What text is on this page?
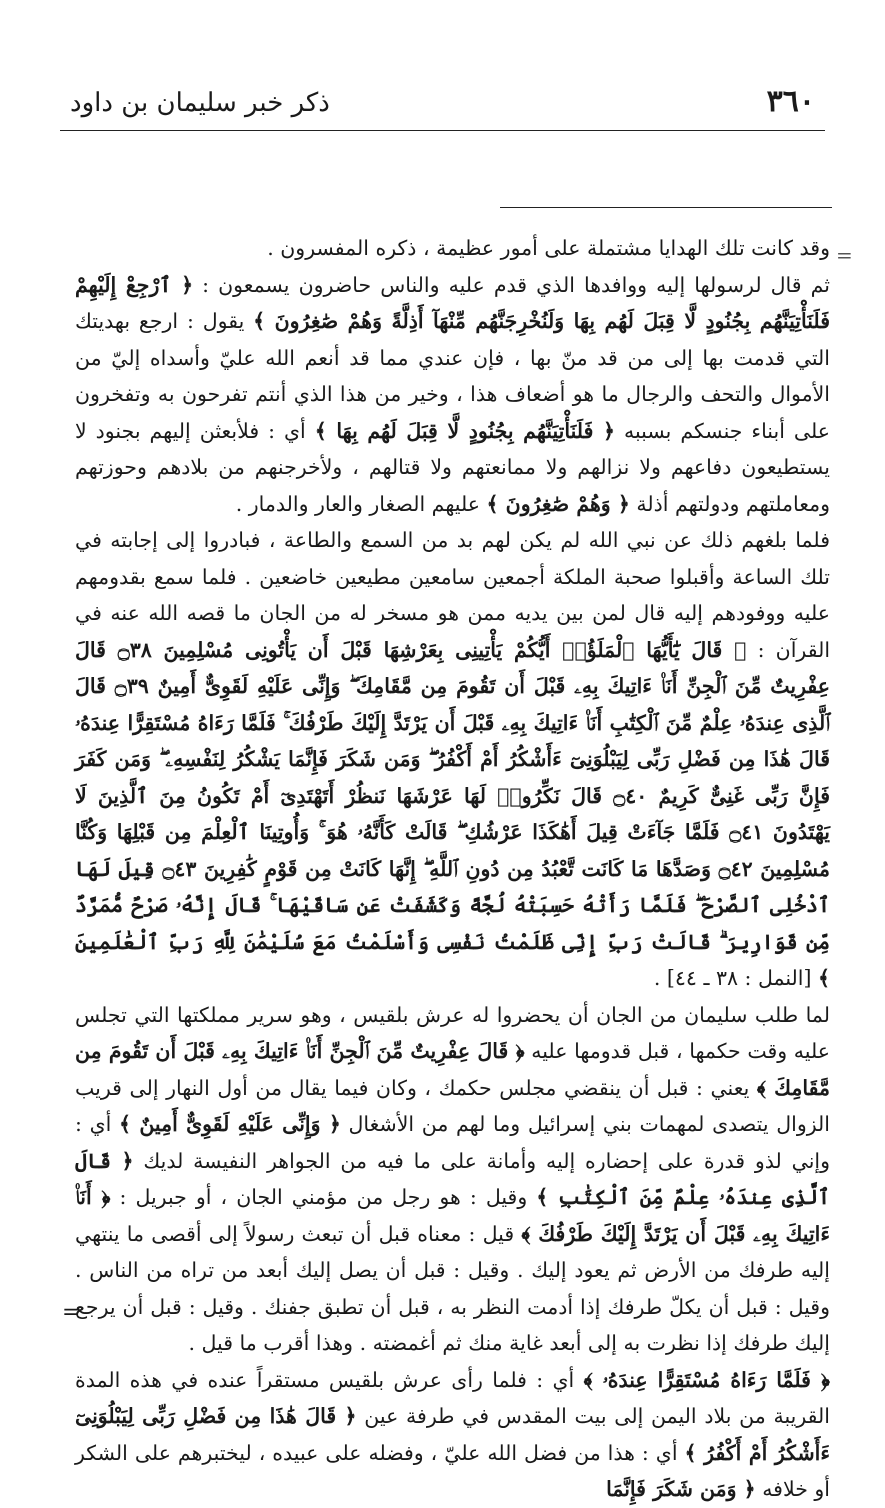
٣٦٠
ذكر خبر سليمان بن داود
=

وقد كانت تلك الهدايا مشتملة على أمور عظيمة ، ذكره المفسرون .

ثم قال لرسولها إليه ووافدها الذي قدم عليه والناس حاضرون يسمعون : ﴿ ٱرْجِعْ إِلَيْهِمْ فَلَنَأْتِيَنَّهُم بِجُنُودٍ لَّا قِبَلَ لَهُم بِهَا وَلَنُخْرِجَنَّهُم مِّنْهَآ أَذِلَّةً وَهُمْ صَٰغِرُونَ ﴾ يقول : ارجع بهديتك التي قدمت بها إلى من قد منّ بها ، فإن عندي مما قد أنعم الله عليّ وأسداه إليّ من الأموال والتحف والرجال ما هو أضعاف هذا ، وخير من هذا الذي أنتم تفرحون به وتفخرون على أبناء جنسكم بسببه ﴿ فَلَنَأْتِيَنَّهُم بِجُنُودٍ لَّا قِبَلَ لَهُم بِهَا ﴾ أي : فلأبعثن إليهم بجنود لا يستطيعون دفاعهم ولا نزالهم ولا ممانعتهم ولا قتالهم ، ولأخرجنهم من بلادهم وحوزتهم ومعاملتهم ودولتهم أذلة ﴿ وَهُمْ صَٰغِرُونَ ﴾ عليهم الصغار والعار والدمار .

فلما بلغهم ذلك عن نبي الله لم يكن لهم بد من السمع والطاعة ، فبادروا إلى إجابته في تلك الساعة وأقبلوا صحبة الملكة أجمعين سامعين مطيعين خاضعين . فلما سمع بقدومهم عليه ووفودهم إليه قال لمن بين يديه ممن هو مسخر له من الجان ما قصه الله عنه في القرآن : ﴿ قَالَ يَٰٓأَيُّهَا ٱلْمَلَؤُا۟ أَيُّكُمْ يَأْتِينِى بِعَرْشِهَا قَبْلَ أَن يَأْتُونِى مُسْلِمِينَ ۝٣٨ قَالَ عِفْرِيتٌ مِّنَ ٱلْجِنِّ أَنَا۠ ءَاتِيكَ بِهِۦ قَبْلَ أَن تَقُومَ مِن مَّقَامِكَ ۖ وَإِنِّى عَلَيْهِ لَقَوِىٌّ أَمِينٌ ۝٣٩ قَالَ ٱلَّذِى عِندَهُۥ عِلْمٌ مِّنَ ٱلْكِتَٰبِ أَنَا۠ ءَاتِيكَ بِهِۦ قَبْلَ أَن يَرْتَدَّ إِلَيْكَ طَرْفُكَ ۚ فَلَمَّا رَءَاهُ مُسْتَقِرًّا عِندَهُۥ قَالَ هَٰذَا مِن فَضْلِ رَبِّى لِيَبْلُوَنِىٓ ءَأَشْكُرُ أَمْ أَكْفُرُ ۖ وَمَن شَكَرَ فَإِنَّمَا يَشْكُرُ لِنَفْسِهِۦ ۖ وَمَن كَفَرَ فَإِنَّ رَبِّى غَنِىٌّ كَرِيمٌ ۝٤٠ قَالَ نَكِّرُوا۟ لَهَا عَرْشَهَا نَنظُرْ أَتَهْتَدِىٓ أَمْ تَكُونُ مِنَ ٱلَّذِينَ لَا يَهْتَدُونَ ۝٤١ فَلَمَّا جَآءَتْ قِيلَ أَهَٰكَذَا عَرْشُكِ ۖ قَالَتْ كَأَنَّهُۥ هُوَ ۚ وَأُوتِينَا ٱلْعِلْمَ مِن قَبْلِهَا وَكُنَّا مُسْلِمِينَ ۝٤٢ وَصَدَّهَا مَا كَانَت تَّعْبُدُ مِن دُونِ ٱللَّهِ ۖ إِنَّهَا كَانَتْ مِن قَوْمٍ كَٰفِرِينَ ۝٤٣ قِيلَ لَهَا ٱدْخُلِى ٱلصَّرْحَ ۖ فَلَمَّا رَأَتْهُ حَسِبَتْهُ لُجَّةً وَكَشَفَتْ عَن سَاقَيْهَا ۚ قَالَ إِنَّهُۥ صَرْحٌ مُّمَرَّدٌ مِّن قَوَارِيرَ ۗ قَالَتْ رَبِّ إِنِّى ظَلَمْتُ نَفْسِى وَأَسْلَمْتُ مَعَ سُلَيْمَٰنَ لِلَّهِ رَبِّ ٱلْعَٰلَمِينَ ﴾ [النمل : ٣٨ ـ ٤٤] .

لما طلب سليمان من الجان أن يحضروا له عرش بلقيس ، وهو سرير مملكتها التي تجلس عليه وقت حكمها ، قبل قدومها عليه ﴿ قَالَ عِفْرِيتٌ مِّنَ ٱلْجِنِّ أَنَا۠ ءَاتِيكَ بِهِۦ قَبْلَ أَن تَقُومَ مِن مَّقَامِكَ ﴾ يعني : قبل أن ينقضي مجلس حكمك ، وكان فيما يقال من أول النهار إلى قريب الزوال يتصدى لمهمات بني إسرائيل وما لهم من الأشغال ﴿ وَإِنِّى عَلَيْهِ لَقَوِىٌّ أَمِينٌ ﴾ أي : وإني لذو قدرة على إحضاره إليه وأمانة على ما فيه من الجواهر النفيسة لديك ﴿ قَالَ ٱلَّذِى عِندَهُۥ عِلْمٌ مِّنَ ٱلْكِتَٰبِ ﴾ وقيل : هو رجل من مؤمني الجان ، أو جبريل : ﴿ أَنَا۠ ءَاتِيكَ بِهِۦ قَبْلَ أَن يَرْتَدَّ إِلَيْكَ طَرْفُكَ ﴾ قيل : معناه قبل أن تبعث رسولاً إلى أقصى ما ينتهي إليه طرفك من الأرض ثم يعود إليك . وقيل : قبل أن يصل إليك أبعد من تراه من الناس . وقيل : قبل أن يكلّ طرفك إذا أدمت النظر به ، قبل أن تطبق جفنك . وقيل : قبل أن يرجع إليك طرفك إذا نظرت به إلى أبعد غاية منك ثم أغمضته . وهذا أقرب ما قيل .

﴿ فَلَمَّا رَءَاهُ مُسْتَقِرًّا عِندَهُۥ ﴾ أي : فلما رأى عرش بلقيس مستقراً عنده في هذه المدة القريبة من بلاد اليمن إلى بيت المقدس في طرفة عين ﴿ قَالَ هَٰذَا مِن فَضْلِ رَبِّى لِيَبْلُوَنِىٓ ءَأَشْكُرُ أَمْ أَكْفُرُ ﴾ أي : هذا من فضل الله عليّ ، وفضله على عبيده ، ليختبرهم على الشكر أو خلافه ﴿ وَمَن شَكَرَ فَإِنَّمَا

=
